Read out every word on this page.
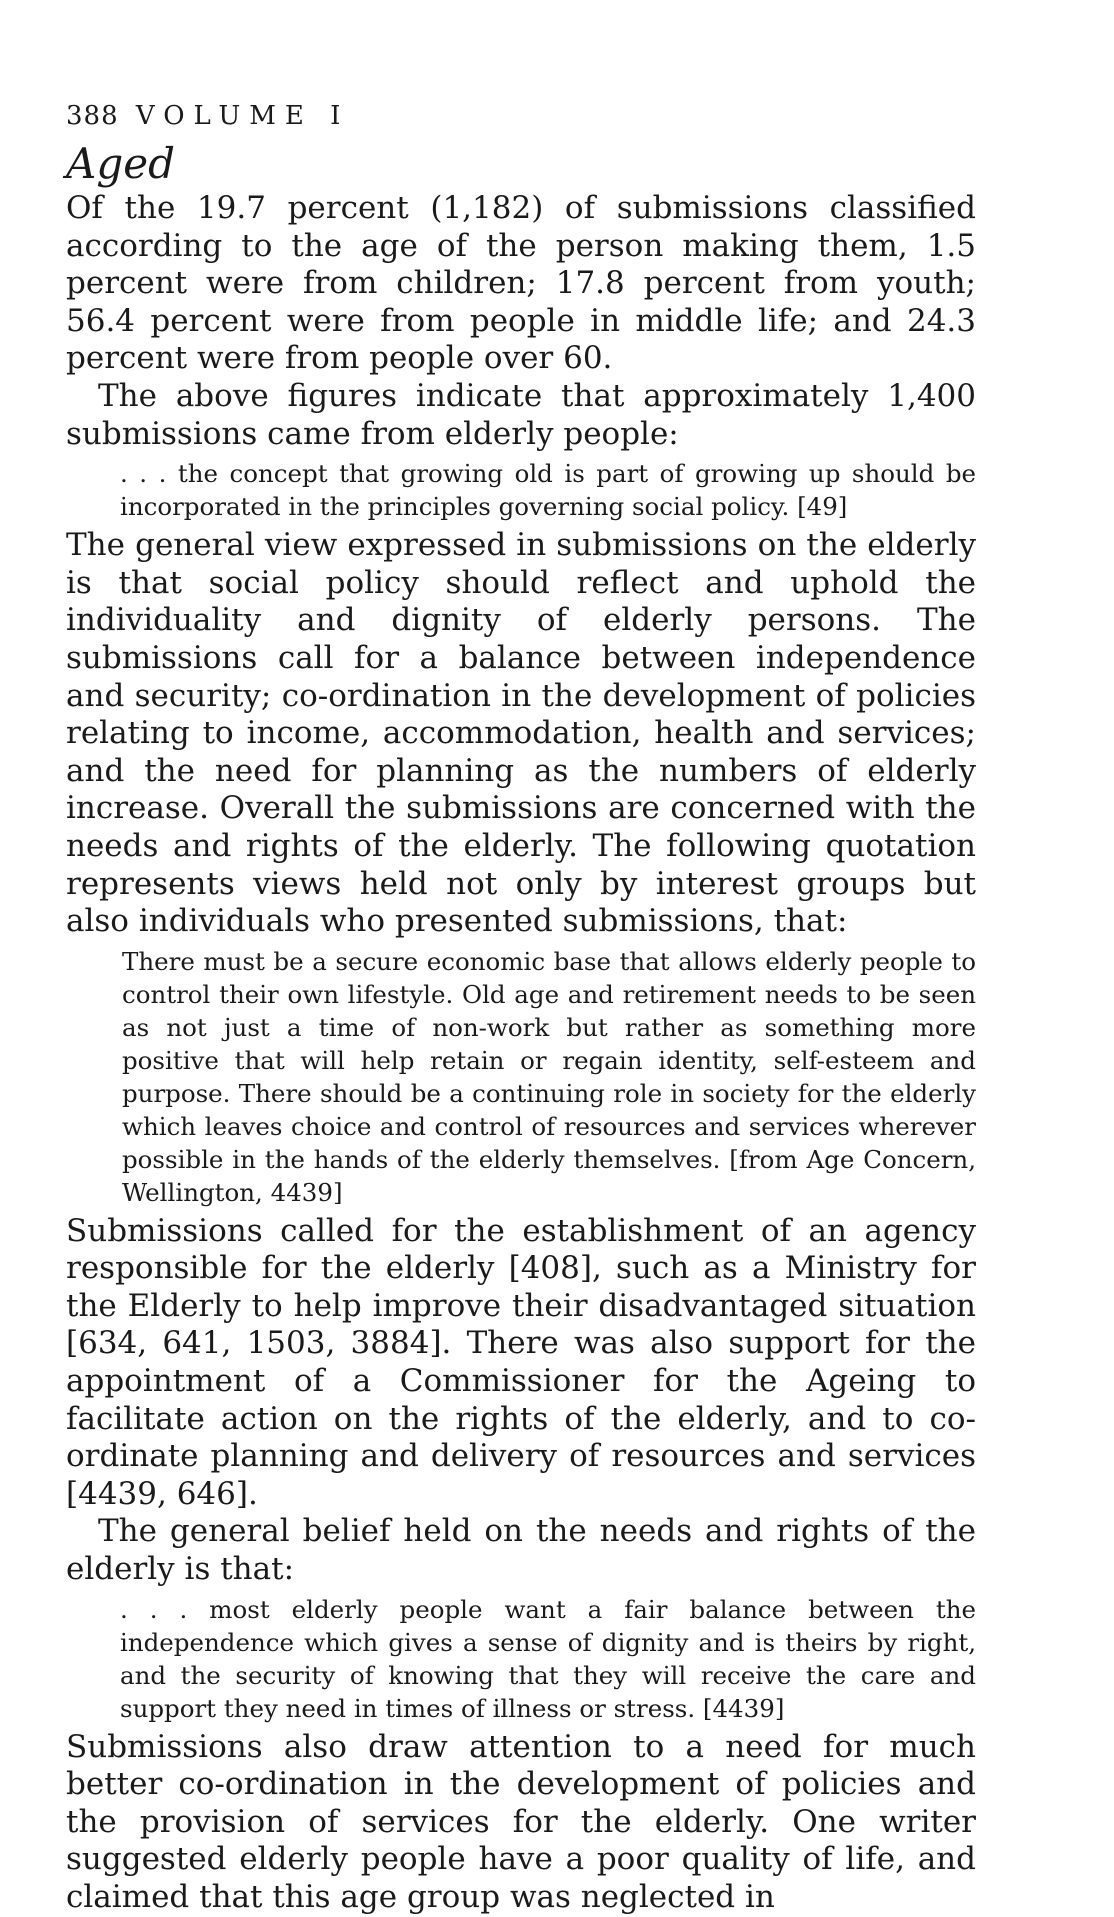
388 VOLUME I
Aged

Of the 19.7 percent (1,182) of submissions classified according to the age of the person making them, 1.5 percent were from children; 17.8 percent from youth; 56.4 percent were from people in middle life; and 24.3 percent were from people over 60.

The above figures indicate that approximately 1,400 submissions came from elderly people:

. . . the concept that growing old is part of growing up should be incorporated in the principles governing social policy. [49]

The general view expressed in submissions on the elderly is that social policy should reflect and uphold the individuality and dignity of elderly persons. The submissions call for a balance between independence and security; co-ordination in the development of policies relating to income, accommodation, health and services; and the need for planning as the numbers of elderly increase. Overall the submissions are concerned with the needs and rights of the elderly. The following quotation represents views held not only by interest groups but also individuals who presented submissions, that:

There must be a secure economic base that allows elderly people to control their own lifestyle. Old age and retirement needs to be seen as not just a time of non-work but rather as something more positive that will help retain or regain identity, self-esteem and purpose. There should be a continuing role in society for the elderly which leaves choice and control of resources and services wherever possible in the hands of the elderly themselves. [from Age Concern, Wellington, 4439]

Submissions called for the establishment of an agency responsible for the elderly [408], such as a Ministry for the Elderly to help improve their disadvantaged situation [634, 641, 1503, 3884]. There was also support for the appointment of a Commissioner for the Ageing to facilitate action on the rights of the elderly, and to co-ordinate planning and delivery of resources and services [4439, 646].

The general belief held on the needs and rights of the elderly is that:

. . . most elderly people want a fair balance between the independence which gives a sense of dignity and is theirs by right, and the security of knowing that they will receive the care and support they need in times of illness or stress. [4439]

Submissions also draw attention to a need for much better co-ordination in the development of policies and the provision of services for the elderly. One writer suggested elderly people have a poor quality of life, and claimed that this age group was neglected in
